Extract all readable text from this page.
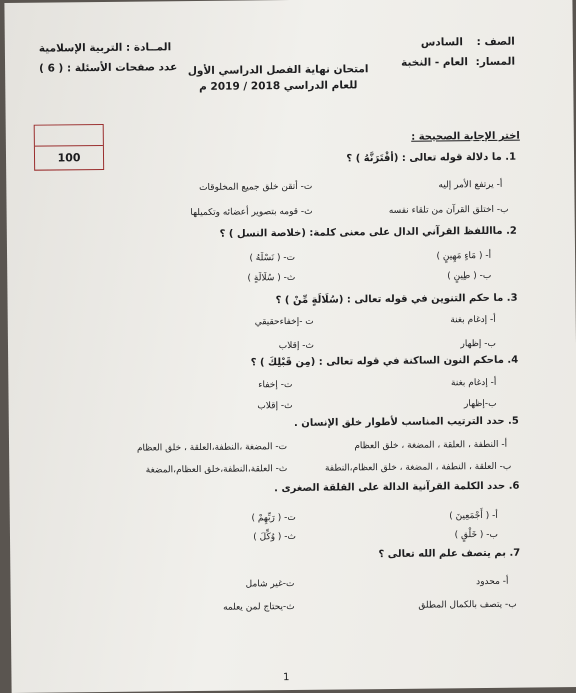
الصف : السادس
المسار: العام - النخبة
امتحان نهاية الفصل الدراسي الأول
للعام الدراسي 2018 / 2019 م
المــادة : التربية الإسلامية
عدد صفحات الأسئلة : ( 6 )
100
اختر الإجابة الصحيحة :
1. ما دلالة قوله تعالى : (أقْتَرَنَّهُ ) ؟
أ- يرتفع الأمر إليه
ت- أتقن خلق جميع المخلوقات
ب- اختلق القرآن من تلقاء نفسه
ث- قومه بتصوير أعضائه وتكميلها
2. مااللفظ القرآني الدال على معنى كلمة: (خلاصة النسل ) ؟
أ- ( مَاءٍ مَهِينٍ )
ت- ( نَسْلَهُ )
ب- ( طِينٍ )
ث- ( سُلَالَةٍ )
3. ما حكم التنوين في قوله تعالى : (سُلَالَةٍ مِّنْ ) ؟
أ- إدغام بغنة
ت -إخفاءحقيقي
ب- إظهار
ث- إقلاب
4. ماحكم النون الساكنة في قوله تعالى : (مِن قَبْلِكَ ) ؟
أ- إدغام بغنة
ت- إخفاء
ب-إظهار
ث- إقلاب
5. حدد الترتيب المناسب لأطوار خلق الإنسان .
أ- النطفة ، العلقة ، المضغة ، خلق العظام
ت- المضغة ،النطفة،العلقة ، خلق العظام
ب- العلقة ، النطفة ، المضغة ، خلق العظام،النطفة
ث- العلقة،النطفة،خلق العظام،المضغة
6. حدد الكلمة القرآنية الدالة على القلقة الصغرى .
أ- ( أَجْمَعِينَ )
ت- ( رَبِّهِمْ )
ب- ( خَلْقٍ )
ث- ( وُكِّلَ )
7. بم يتصف علم الله تعالى ؟
أ- محدود
ت-غير شامل
ب- يتصف بالكمال المطلق
ث-يحتاج لمن يعلمه
1
